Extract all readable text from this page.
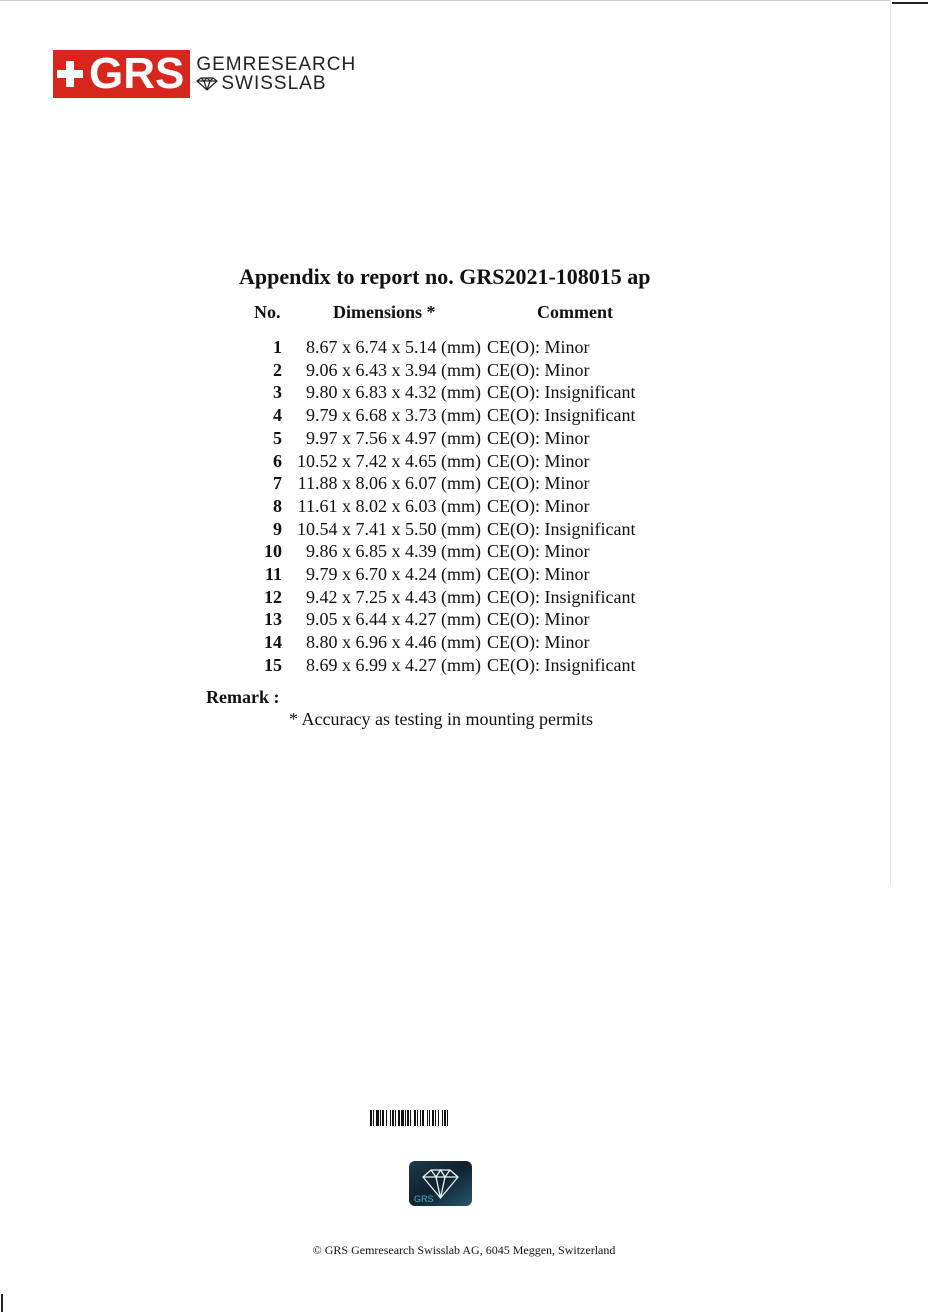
GRS GEMRESEARCH
SWISSLAB
Appendix to report no. GRS2021-108015 ap
No.	Dimensions *	Comment
1 8.67 x 6.74 x 5.14 (mm) CE(O): Minor
2 9.06 x 6.43 x 3.94 (mm) CE(O): Minor
3 9.80 x 6.83 x 4.32 (mm) CE(O): Insignificant
4 9.79 x 6.68 x 3.73 (mm) CE(O): Insignificant
5 9.97 x 7.56 x 4.97 (mm) CE(O): Minor
6 10.52 x 7.42 x 4.65 (mm) CE(O): Minor
7 11.88 x 8.06 x 6.07 (mm) CE(O): Minor
8 11.61 x 8.02 x 6.03 (mm) CE(O): Minor
9 10.54 x 7.41 x 5.50 (mm) CE(O): Insignificant
10 9.86 x 6.85 x 4.39 (mm) CE(O): Minor
11 9.79 x 6.70 x 4.24 (mm) CE(O): Minor
12 9.42 x 7.25 x 4.43 (mm) CE(O): Insignificant
13 9.05 x 6.44 x 4.27 (mm) CE(O): Minor
14 8.80 x 6.96 x 4.46 (mm) CE(O): Minor
15 8.69 x 6.99 x 4.27 (mm) CE(O): Insignificant
Remark :
* Accuracy as testing in mounting permits
GRS
© GRS Gemresearch Swisslab AG, 6045 Meggen, Switzerland
